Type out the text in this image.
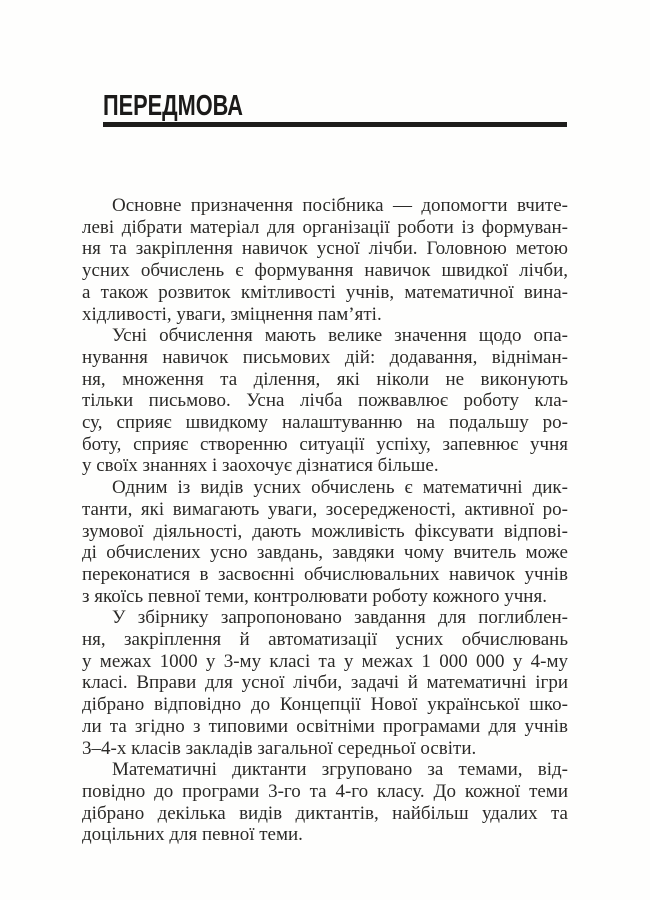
ПЕРЕДМОВА
Основне призначення посібника — допомогти вчите-
леві дібрати матеріал для організації роботи із формуван-
ня та закріплення навичок усної лічби. Головною метою
усних обчислень є формування навичок швидкої лічби,
а також розвиток кмітливості учнів, математичної вина-
хідливості, уваги, зміцнення пам’яті.
Усні обчислення мають велике значення щодо опа-
нування навичок письмових дій: додавання, відніман-
ня, множення та ділення, які ніколи не виконують
тільки письмово. Усна лічба пожвавлює роботу кла-
су, сприяє швидкому налаштуванню на подальшу ро-
боту, сприяє створенню ситуації успіху, запевнює учня
у своїх знаннях і заохочує дізнатися більше.
Одним із видів усних обчислень є математичні дик-
танти, які вимагають уваги, зосередженості, активної ро-
зумової діяльності, дають можливість фіксувати відпові-
ді обчислених усно завдань, завдяки чому вчитель може
переконатися в засвоєнні обчислювальних навичок учнів
з якоїсь певної теми, контролювати роботу кожного учня.
У збірнику запропоновано завдання для поглиблен-
ня, закріплення й автоматизації усних обчислювань
у межах 1000 у 3-му класі та у межах 1 000 000 у 4-му
класі. Вправи для усної лічби, задачі й математичні ігри
дібрано відповідно до Концепції Нової української шко-
ли та згідно з типовими освітніми програмами для учнів
3–4-х класів закладів загальної середньої освіти.
Математичні диктанти згруповано за темами, від-
повідно до програми 3-го та 4-го класу. До кожної теми
дібрано декілька видів диктантів, найбільш удалих та
доцільних для певної теми.
